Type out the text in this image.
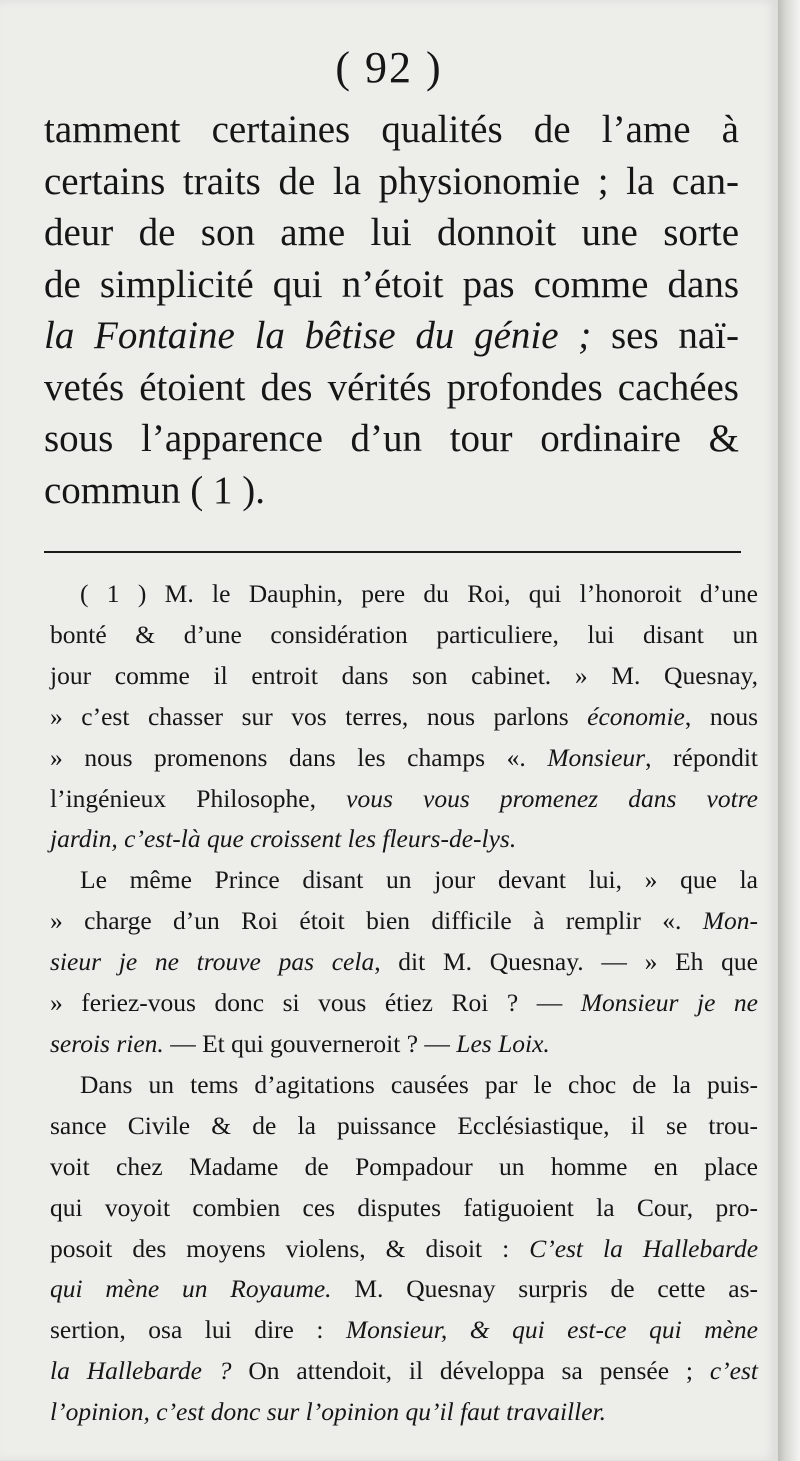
( 92 )
tamment certaines qualités de l’ame à
certains traits de la physionomie ; la can-
deur de son ame lui donnoit une sorte
de simplicité qui n’étoit pas comme dans
la Fontaine la bêtise du génie ; ses naï-
vetés étoient des vérités profondes cachées
sous l’apparence d’un tour ordinaire &
commun ( 1 ).

( 1 ) M. le Dauphin, pere du Roi, qui l’honoroit d’une
bonté & d’une considération particuliere, lui disant un
jour comme il entroit dans son cabinet. » M. Quesnay,
» c’est chasser sur vos terres, nous parlons économie, nous
» nous promenons dans les champs «. Monsieur, répondit
l’ingénieux Philosophe, vous vous promenez dans votre
jardin, c’est-là que croissent les fleurs-de-lys.

Le même Prince disant un jour devant lui, » que la
» charge d’un Roi étoit bien difficile à remplir «. Mon-
sieur je ne trouve pas cela, dit M. Quesnay. — » Eh que
» feriez-vous donc si vous étiez Roi ? — Monsieur je ne
serois rien. — Et qui gouverneroit ? — Les Loix.

Dans un tems d’agitations causées par le choc de la puis-
sance Civile & de la puissance Ecclésiastique, il se trou-
voit chez Madame de Pompadour un homme en place
qui voyoit combien ces disputes fatiguoient la Cour, pro-
posoit des moyens violens, & disoit : C’est la Hallebarde
qui mène un Royaume. M. Quesnay surpris de cette as-
sertion, osa lui dire : Monsieur, & qui est-ce qui mène
la Hallebarde ? On attendoit, il développa sa pensée ; c’est
l’opinion, c’est donc sur l’opinion qu’il faut travailler.
